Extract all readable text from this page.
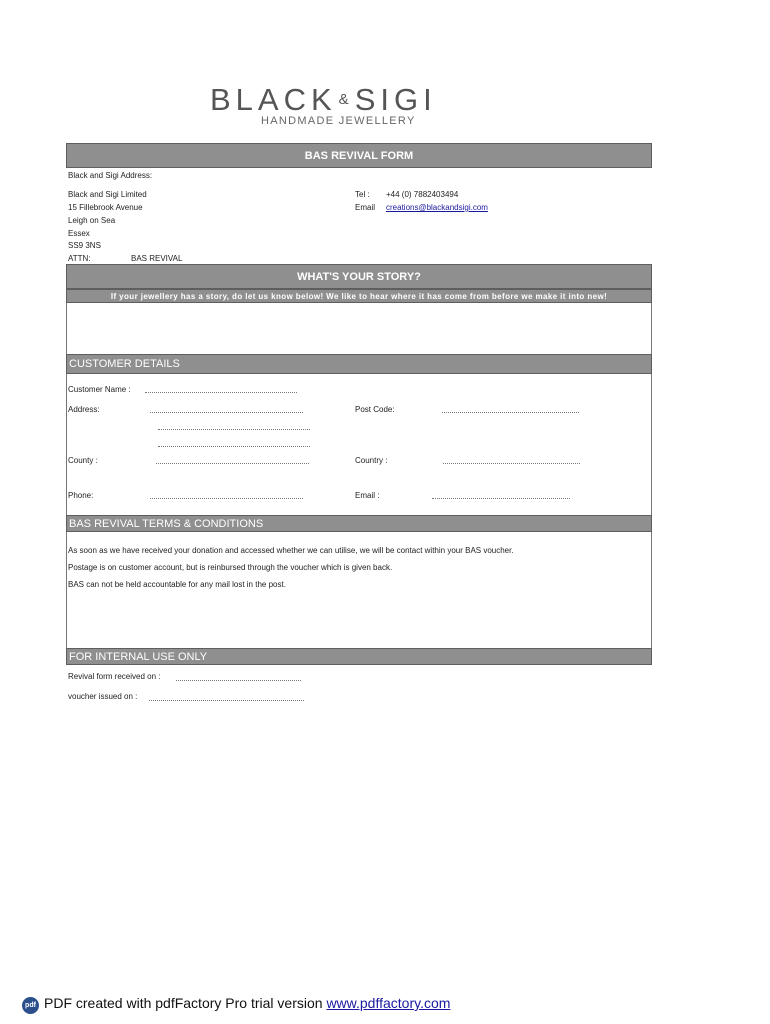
BLACK & SIGI
HANDMADE JEWELLERY
BAS REVIVAL FORM
Black and Sigi Address:
Black and Sigi Limited
15 Fillebrook Avenue
Leigh on Sea
Essex
SS9 3NS
ATTN:	BAS REVIVAL
Tel : +44 (0) 7882403494
Email creations@blackandsigi.com
WHAT'S YOUR STORY?
If your jewellery has a story, do let us know below! We like to hear where it has come from before we make it into new!
CUSTOMER DETAILS
Customer Name :
Address:	Post Code:
County :	Country :
Phone:	Email :
BAS REVIVAL TERMS & CONDITIONS
As soon as we have received your donation and accessed whether we can utilise, we will be contact within your BAS voucher.
Postage is on customer account, but is reinbursed through the voucher which is given back.
BAS can not be held accountable for any mail lost in the post.
FOR INTERNAL USE ONLY
Revival form received on :
voucher issued on :
pdf PDF created with pdfFactory Pro trial version www.pdffactory.com
